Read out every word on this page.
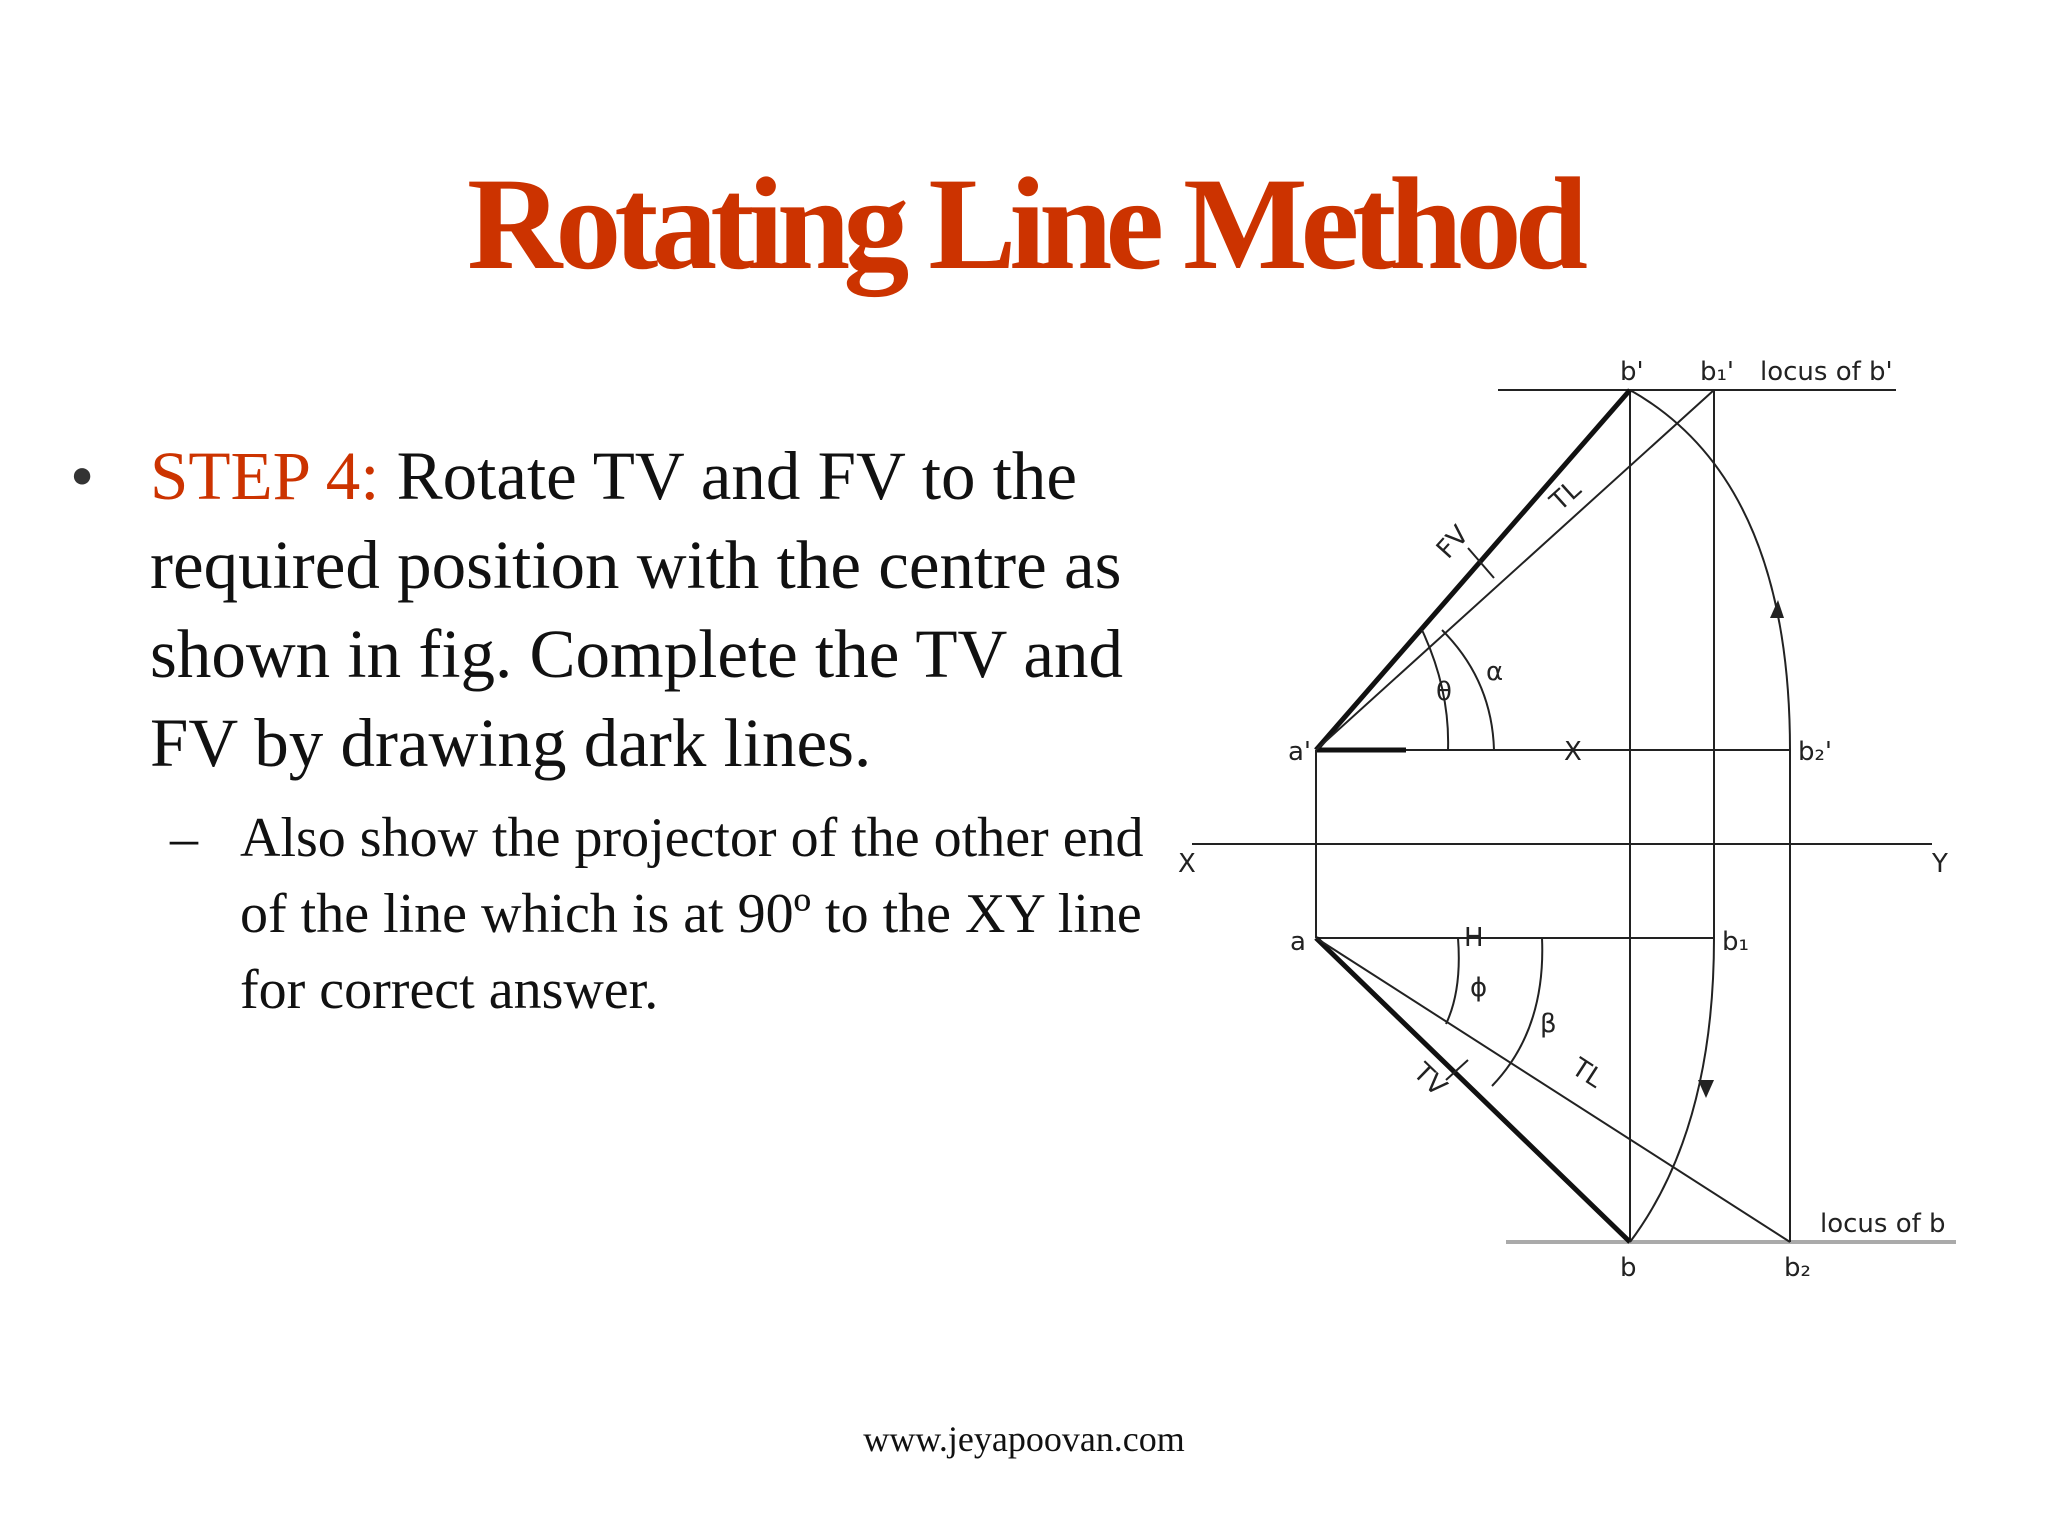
Rotating Line Method
• STEP 4: Rotate TV and FV to the required position with the centre as shown in fig. Complete the TV and FV by drawing dark lines.
– Also show the projector of the other end of the line which is at 90º to the XY line for correct answer.
b' b₁' locus of b'
a'	b₂'
X	Y
a	b₁
b	b₂
locus of b
FV
TL
TV	TL
θ
α
ϕ
β
X
H
www.jeyapoovan.com
